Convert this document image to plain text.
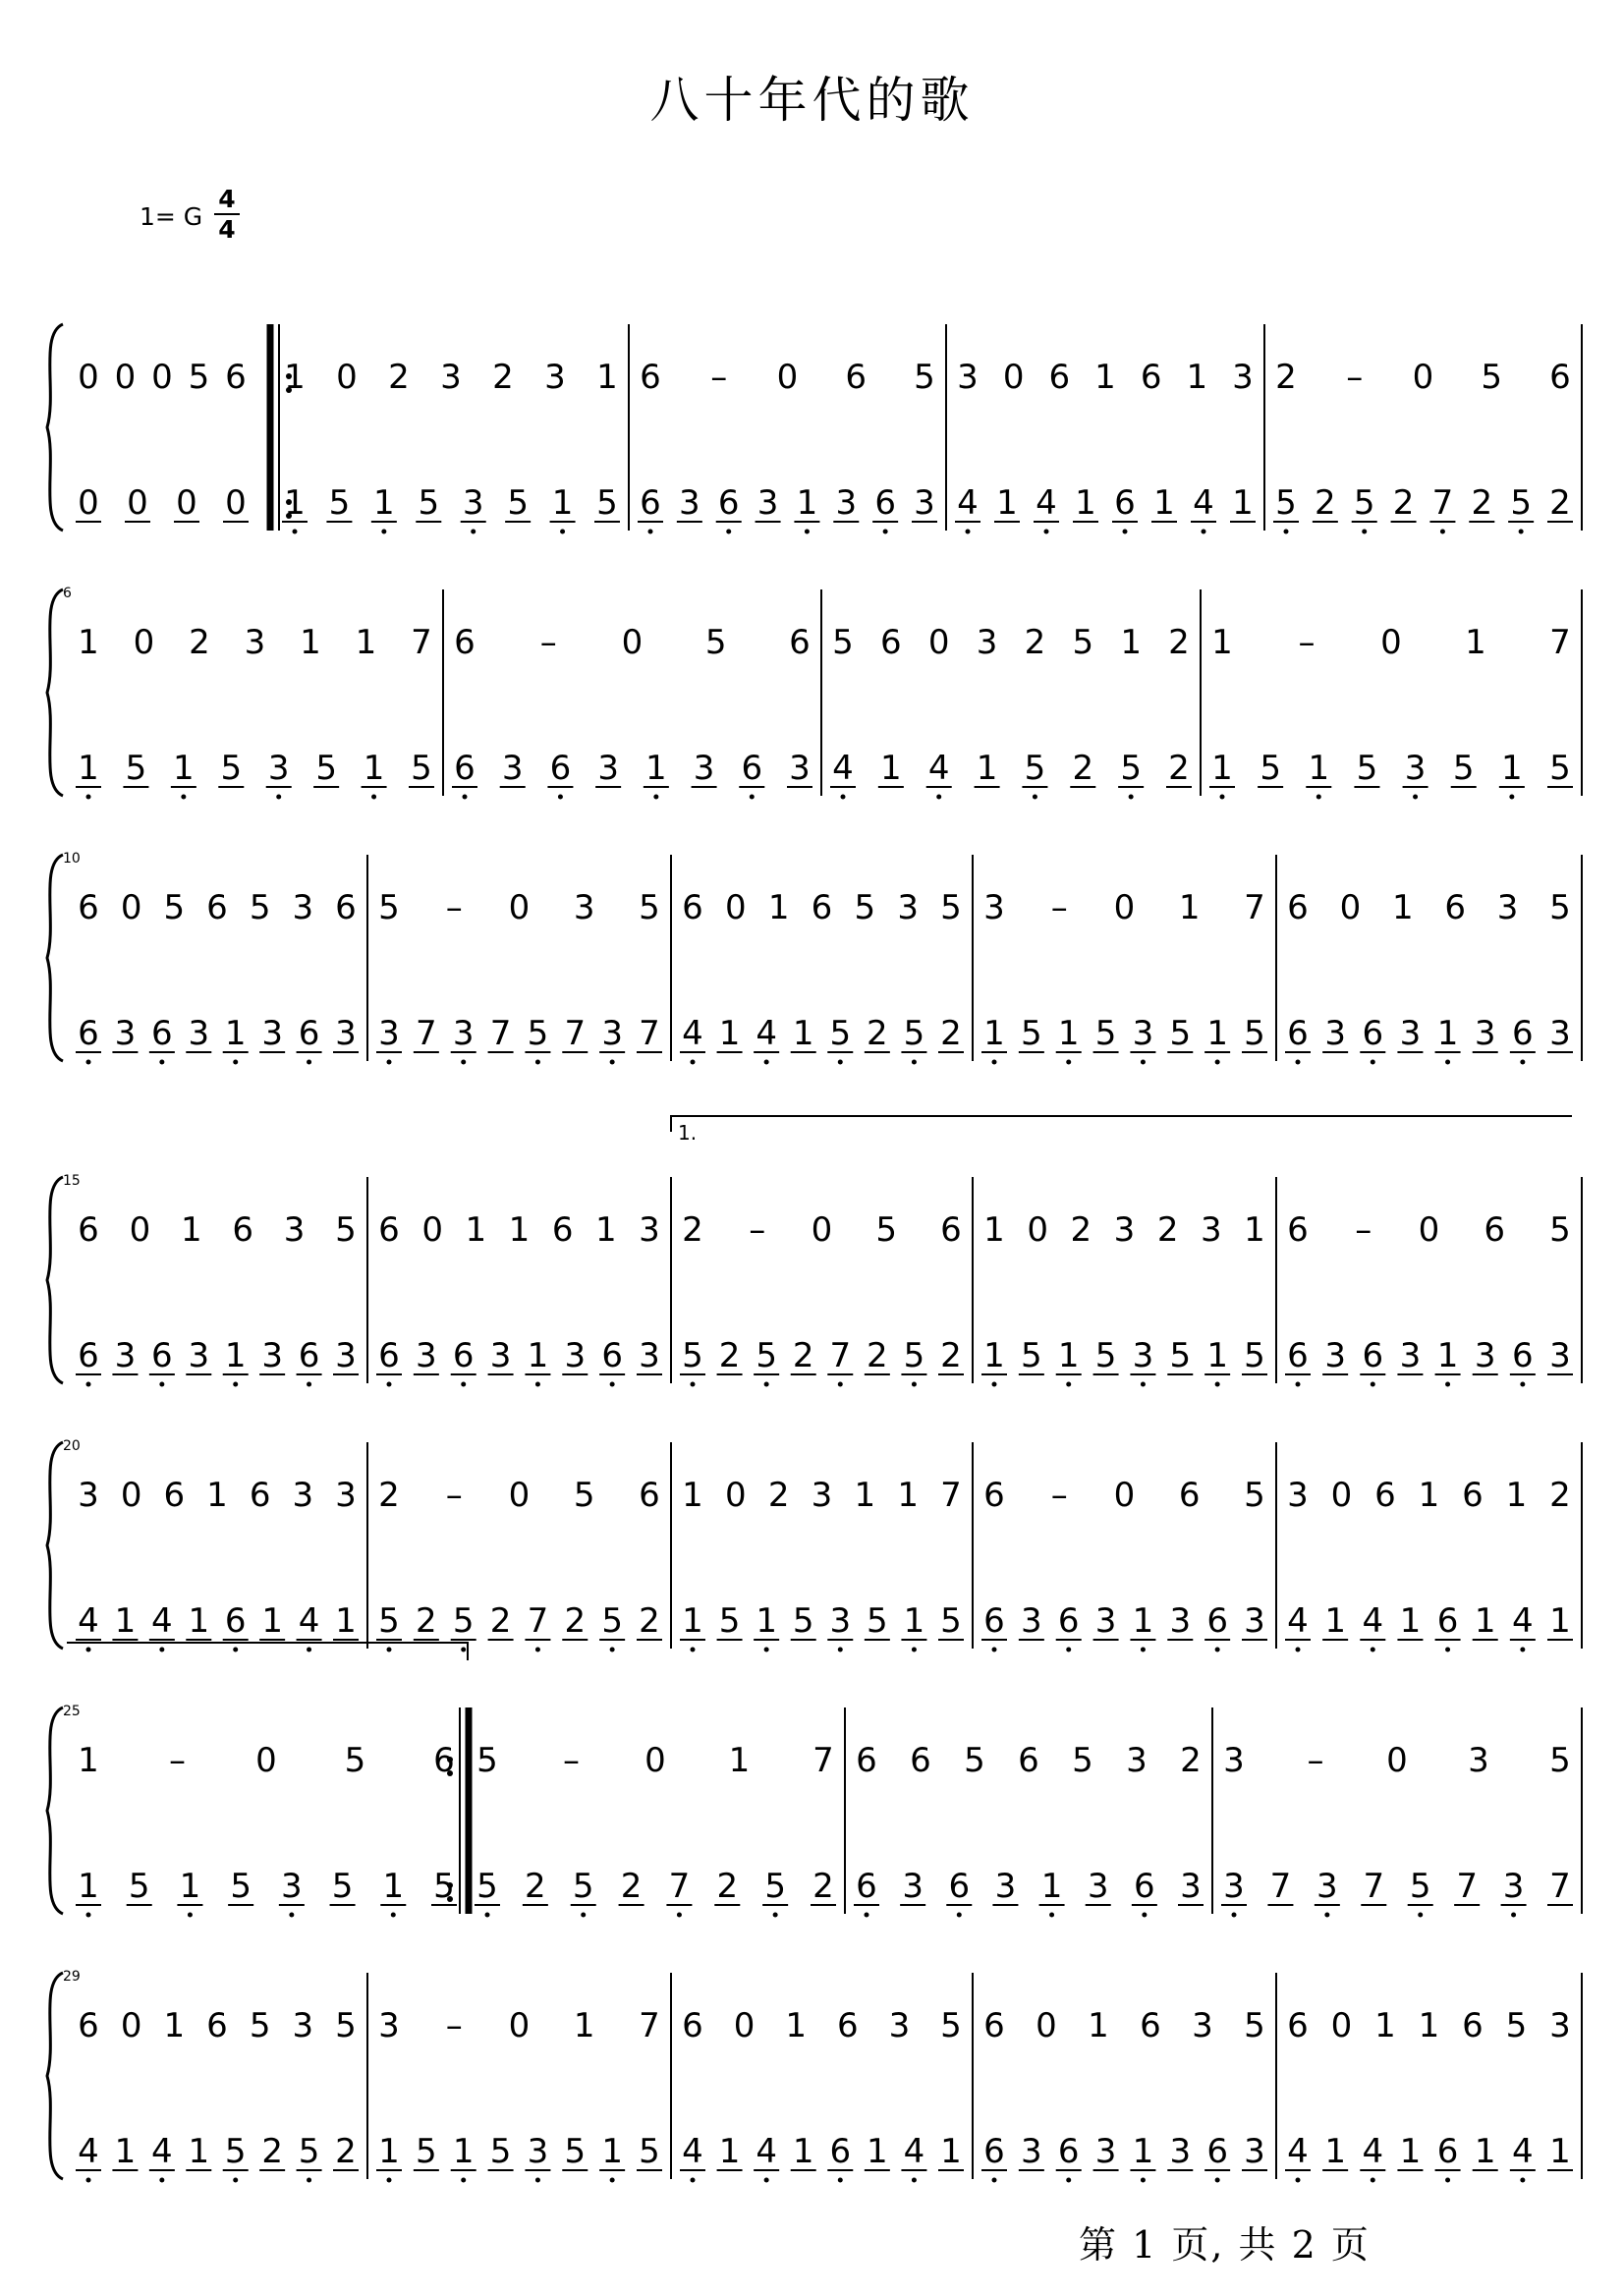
八十年代的歌
1= G $\frac{4}{4}$
0 0 0 5 6
0 0 0 0
1 0 2 3 2 3 1
1 5 1 5 3 5 1 5
6 – 0 6 5
6 3 6 3 1 3 6 3
3 0 6 1 6 1 3
4 1 4 1 6 1 4 1
2 – 0 5 6
5 2 5 2 7 2 5 2
6
1 0 2 3 1 1 7
1 5 1 5 3 5 1 5
6 – 0 5 6
6 3 6 3 1 3 6 3
5 6 0 3 2 5 1 2
4 1 4 1 5 2 5 2
1 – 0 1 7
1 5 1 5 3 5 1 5
10
6 0 5 6 5 3 6
6 3 6 3 1 3 6 3
5 – 0 3 5
3 7 3 7 5 7 3 7
6 0 1 6 5 3 5
4 1 4 1 5 2 5 2
3 – 0 1 7
1 5 1 5 3 5 1 5
6 0 1 6 3 5
6 3 6 3 1 3 6 3
15
6 0 1 6 3 5
6 3 6 3 1 3 6 3
6 0 1 1 6 1 3
6 3 6 3 1 3 6 3
2 – 0 5 6
5 2 5 2 7 2 5 2
1 0 2 3 2 3 1
1 5 1 5 3 5 1 5
6 – 0 6 5
6 3 6 3 1 3 6 3
20
3 0 6 1 6 3 3
4 1 4 1 6 1 4 1
2 – 0 5 6
5 2 5 2 7 2 5 2
1 0 2 3 1 1 7
1 5 1 5 3 5 1 5
6 – 0 6 5
6 3 6 3 1 3 6 3
3 0 6 1 6 1 2
4 1 4 1 6 1 4 1
25
1 – 0 5 6
1 5 1 5 3 5 1 5
5 – 0 1 7
5 2 5 2 7 2 5 2
6 6 5 6 5 3 2
6 3 6 3 1 3 6 3
3 – 0 3 5
3 7 3 7 5 7 3 7
29
6 0 1 6 5 3 5
4 1 4 1 5 2 5 2
3 – 0 1 7
1 5 1 5 3 5 1 5
6 0 1 6 3 5
4 1 4 1 6 1 4 1
6 0 1 6 3 5
6 3 6 3 1 3 6 3
6 0 1 1 6 5 3
4 1 4 1 6 1 4 1
1.
第 1 页, 共 2 页
